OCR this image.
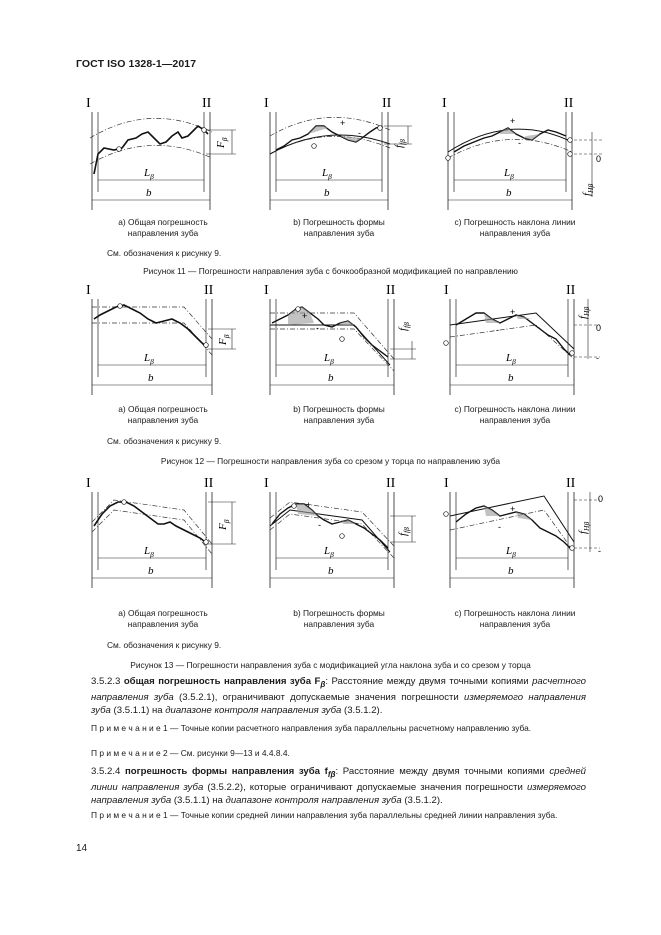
ГОСТ ISO 1328-1—2017
I	II
$F_\beta$
$L_\beta$
b
I	II
+
-
$f_{f\beta}$
$L_\beta$
b
I	II
+
-
0
$f_{H\beta}$
$L_\beta$
b
a) Общая погрешность направления зуба
b) Погрешность формы направления зуба
c) Погрешность наклона линии направления зуба
См. обозначения к рисунку 9.
Рисунок 11 — Погрешности направления зуба с бочкообразной модификацией по направлению
I	II
$F_\beta$
$L_\beta$
b
I	II
+
-	$f_{f\beta}$
$L_\beta$
b
I	II
+
-	0
-
$f_{H\beta}$
$L_\beta$
b
a) Общая погрешность направления зуба
b) Погрешность формы направления зуба
c) Погрешность наклона линии направления зуба
См. обозначения к рисунку 9.
Рисунок 12 — Погрешности направления зуба со срезом у торца по направлению зуба
I	II
$F_\beta$
$L_\beta$
b
I	II
+
-
$f_{f\beta}$
$L_\beta$
b
I	II
+
-
0
-
$f_{H\beta}$
$L_\beta$
b
a) Общая погрешность направления зуба
b) Погрешность формы направления зуба
c) Погрешность наклона линии направления зуба
См. обозначения к рисунку 9.
Рисунок 13 — Погрешности направления зуба с модификацией угла наклона зуба и со срезом у торца
3.5.2.3 общая погрешность направления зуба $F_\beta$: Расстояние между двумя точными копиями расчетного направления зуба (3.5.2.1), ограничивают допускаемые значения погрешности измеряемого направления зуба (3.5.1.1) на диапазоне контроля направления зуба (3.5.1.2).
П р и м е ч а н и е 1 — Точные копии расчетного направления зуба параллельны расчетному направлению зуба.
П р и м е ч а н и е 2 — См. рисунки 9—13 и 4.4.8.4.
3.5.2.4 погрешность формы направления зуба $f_{f\beta}$: Расстояние между двумя точными копиями средней линии направления зуба (3.5.2.2), которые ограничивают допускаемые значения погрешности измеряемого направления зуба (3.5.1.1) на диапазоне контроля направления зуба (3.5.1.2).
П р и м е ч а н и е 1 — Точные копии средней линии направления зуба параллельны средней линии направления зуба.
14
